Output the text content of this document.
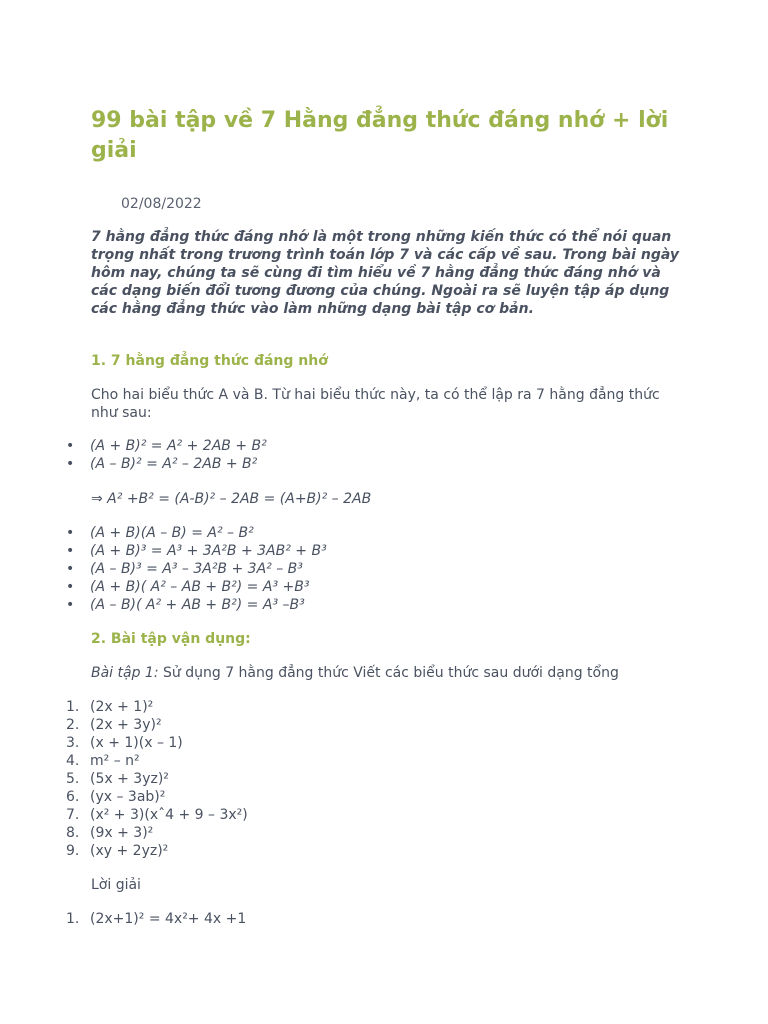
99 bài tập về 7 Hằng đẳng thức đáng nhớ + lời giải
02/08/2022
7 hằng đẳng thức đáng nhớ là một trong những kiến thức có thể nói quan trọng nhất trong trương trình toán lớp 7 và các cấp về sau. Trong bài ngày hôm nay, chúng ta sẽ cùng đi tìm hiểu về 7 hằng đẳng thức đáng nhớ và các dạng biến đổi tương đương của chúng. Ngoài ra sẽ luyện tập áp dụng các hằng đẳng thức vào làm những dạng bài tập cơ bản.
1. 7 hằng đẳng thức đáng nhớ
Cho hai biểu thức A và B. Từ hai biểu thức này, ta có thể lập ra 7 hằng đẳng thức như sau:
• (A + B)² = A² + 2AB + B²
• (A – B)² = A² – 2AB + B²
⇒ A² +B² = (A-B)² – 2AB = (A+B)² – 2AB
• (A + B)(A – B) = A² – B²
• (A + B)³ = A³ + 3A²B + 3AB² + B³
• (A – B)³ = A³ – 3A²B + 3A² – B³
• (A + B)( A² – AB + B²) = A³ +B³
• (A – B)( A² + AB + B²) = A³ –B³
2. Bài tập vận dụng:
Bài tập 1: Sử dụng 7 hằng đẳng thức Viết các biểu thức sau dưới dạng tổng
1. (2x + 1)²
2. (2x + 3y)²
3. (x + 1)(x – 1)
4. m² – n²
5. (5x + 3yz)²
6. (yx – 3ab)²
7. (x² + 3)(xˆ4 + 9 – 3x²)
8. (9x + 3)²
9. (xy + 2yz)²
Lời giải
1. (2x+1)² = 4x²+ 4x +1
